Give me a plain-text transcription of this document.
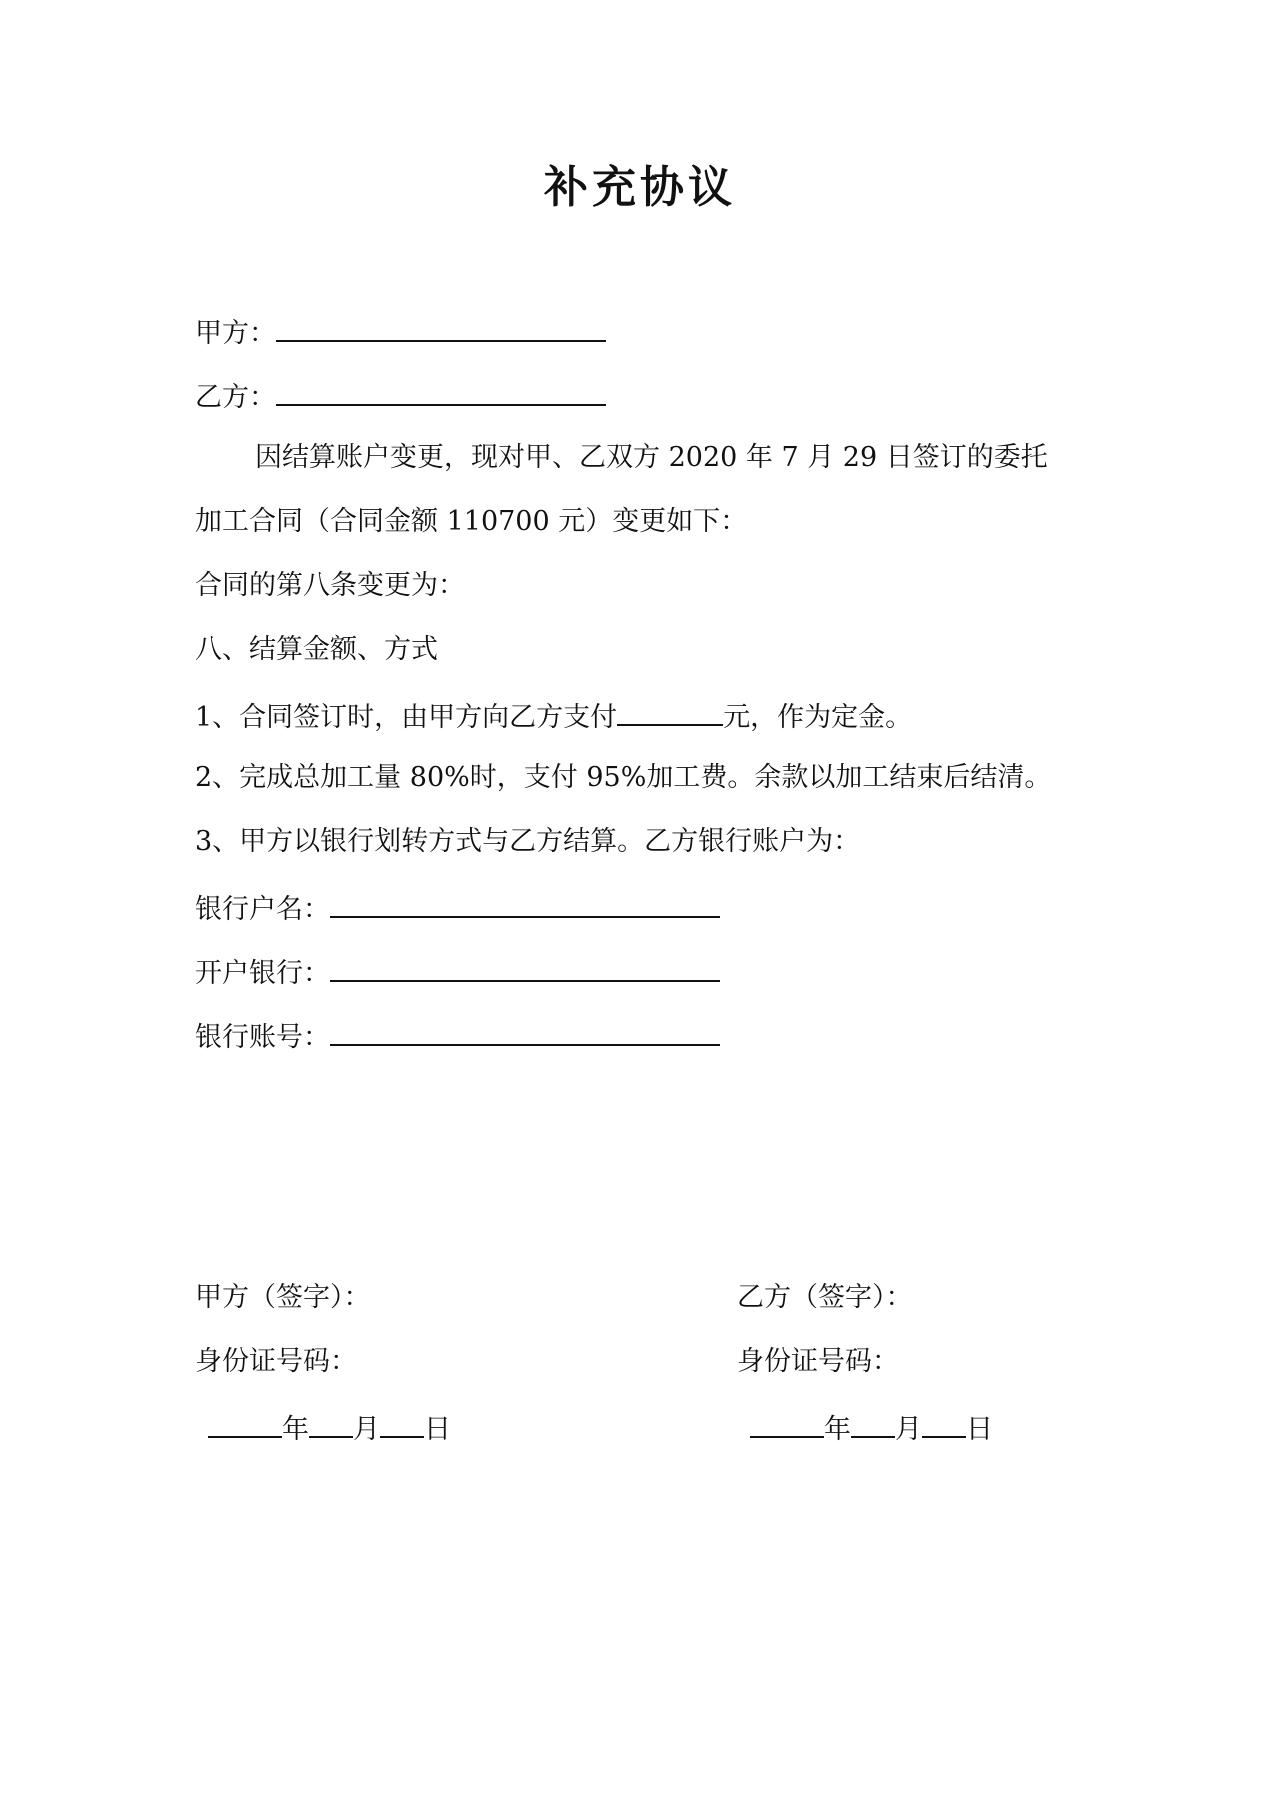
补充协议
甲方：
乙方：
因结算账户变更，现对甲、乙双方 2020 年 7 月 29 日签订的委托
加工合同（合同金额 110700 元）变更如下：
合同的第八条变更为：
八、结算金额、方式
1、合同签订时，由甲方向乙方支付	元，作为定金。
2、完成总加工量 80%时，支付 95%加工费。余款以加工结束后结清。
3、甲方以银行划转方式与乙方结算。乙方银行账户为：
银行户名：
开户银行：
银行账号：
甲方（签字）：
身份证号码：
年 月 日
乙方（签字）：
身份证号码：
年 月 日
